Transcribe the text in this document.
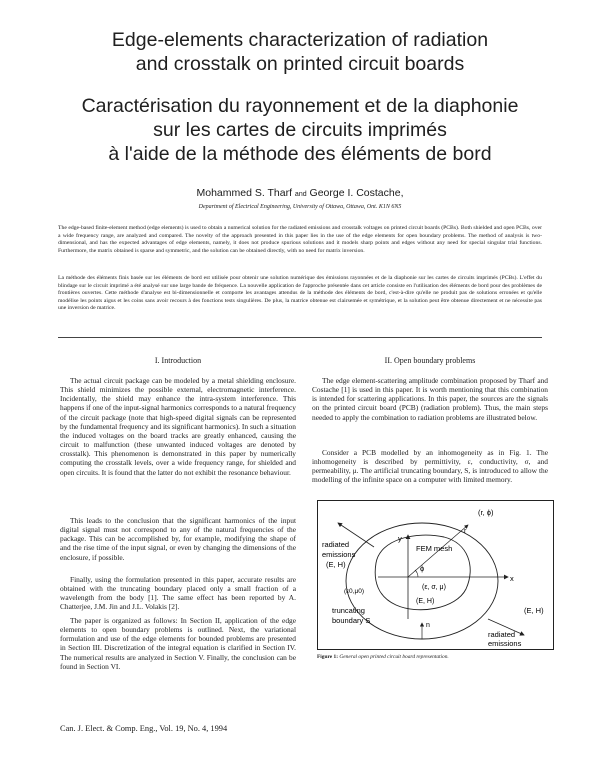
Edge-elements characterization of radiation
and crosstalk on printed circuit boards
Caractérisation du rayonnement et de la diaphonie
sur les cartes de circuits imprimés
à l'aide de la méthode des éléments de bord
Mohammed S. Tharf and George I. Costache,
Department of Electrical Engineering, University of Ottawa, Ottawa, Ont. K1N 6N5
The edge-based finite-element method (edge elements) is used to obtain a numerical solution for the radiated emissions and crosstalk voltages on printed circuit boards (PCBs). Both shielded and open PCBs, over a wide frequency range, are analyzed and compared. The novelty of the approach presented in this paper lies in the use of the edge elements for open boundary problems. The method of analysis is two-dimensional, and has the expected advantages of edge elements, namely, it does not produce spurious solutions and it models sharp points and edges without any need for special singular trial functions. Furthermore, the matrix obtained is sparse and symmetric, and the solution can be obtained directly, with no need for matrix inversion.
La méthode des éléments finis basée sur les éléments de bord est utilisée pour obtenir une solution numérique des émissions rayonnées et de la diaphonie sur les cartes de circuits imprimés (PCBs). L'effet du blindage sur le circuit imprimé a été analysé sur une large bande de fréquence. La nouvelle application de l'approche présentée dans cet article consiste en l'utilisation des éléments de bord pour des problèmes de frontières ouvertes. Cette méthode d'analyse est bi-dimensionnelle et comporte les avantages attendus de la méthode des éléments de bord, c'est-à-dire qu'elle ne produit pas de solutions erronées et qu'elle modélise les points aigus et les coins sans avoir recours à des fonctions tests singulières. De plus, la matrice obtenue est clairsemée et symétrique, et la solution peut être obtenue directement et ne nécessite pas une inversion de matrice.
I. Introduction

The actual circuit package can be modeled by a metal shielding enclosure. This shield minimizes the possible external, electromagnetic interference. Incidentally, the shield may enhance the intra-system interference. This happens if one of the input-signal harmonics corresponds to a natural frequency of the circuit package (note that high-speed digital signals can be represented by the fundamental frequency and its significant harmonics). In such a situation the induced voltages on the board tracks are greatly enhanced, causing the circuit to malfunction (these unwanted induced voltages are denoted by crosstalk). This phenomenon is demonstrated in this paper by numerically computing the crosstalk levels, over a wide frequency range, for shielded and open circuits. It is found that the latter do not exhibit the resonance behaviour.

This leads to the conclusion that the significant harmonics of the input digital signal must not correspond to any of the natural frequencies of the package. This can be accomplished by, for example, modifying the shape of and the rise time of the input signal, or even by changing the dimensions of the enclosure, if possible.

Finally, using the formulation presented in this paper, accurate results are obtained with the truncating boundary placed only a small fraction of a wavelength from the body [1]. The same effect has been reported by A. Chatterjee, J.M. Jin and J.L. Volakis [2].

The paper is organized as follows: In Section II, application of the edge elements to open boundary problems is outlined. Next, the variational formulation and use of the edge elements for bounded problems are presented in Section III. Discretization of the integral equation is clarified in Section IV. The numerical results are analyzed in Section V. Finally, the conclusion can be found in Section VI.

II. Open boundary problems

The edge element-scattering amplitude combination proposed by Tharf and Costache [1] is used in this paper. It is worth mentioning that this combination is intended for scattering applications. In this paper, the sources are the signals on the printed circuit board (PCB) (radiation problem). Thus, the main steps needed to apply the combination to radiation problems are illustrated below.

Consider a PCB modelled by an inhomogeneity as in Fig. 1. The inhomogeneity is described by permittivity, ε, conductivity, σ, and permeability, μ. The artificial truncating boundary, S, is introduced to allow the modelling of the infinite space on a computer with limited memory.

(r, ϕ)
y
r
FEM mesh
ϕ
x
radiated
emissions
(E, H)
(ε0,μ0)
(ε, σ, μ)
(E, H)
truncating
boundary S
n
(E, H)
radiated
emissions
Figure 1: General open printed circuit board representation.
Can. J. Elect. & Comp. Eng., Vol. 19, No. 4, 1994
